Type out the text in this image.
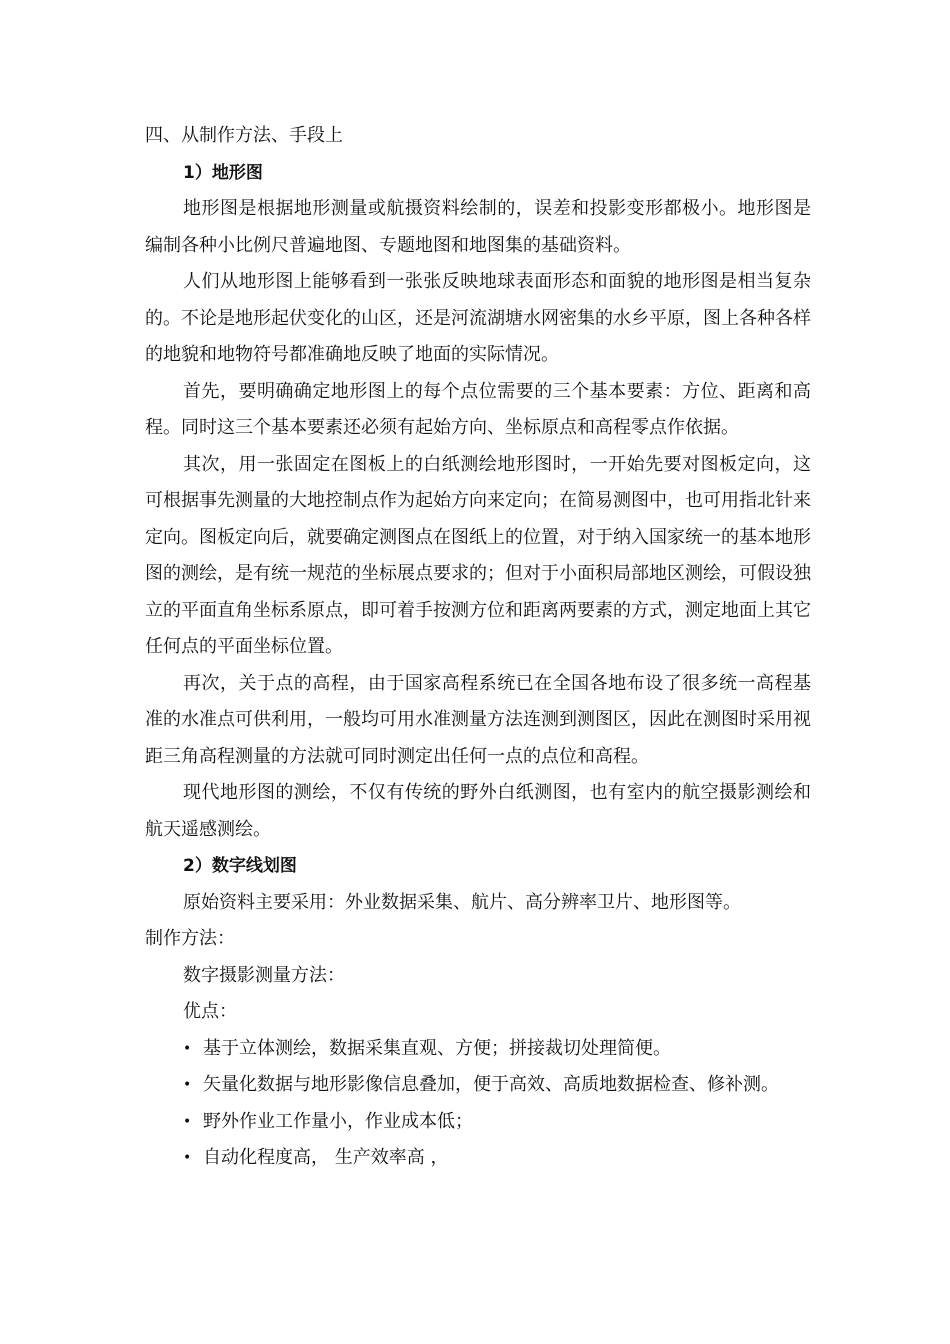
四、从制作方法、手段上

1）地形图

地形图是根据地形测量或航摄资料绘制的，误差和投影变形都极小。地形图是编制各种小比例尺普遍地图、专题地图和地图集的基础资料。

人们从地形图上能够看到一张张反映地球表面形态和面貌的地形图是相当复杂的。不论是地形起伏变化的山区，还是河流湖塘水网密集的水乡平原，图上各种各样的地貌和地物符号都准确地反映了地面的实际情况。

首先，要明确确定地形图上的每个点位需要的三个基本要素：方位、距离和高程。同时这三个基本要素还必须有起始方向、坐标原点和高程零点作依据。

其次，用一张固定在图板上的白纸测绘地形图时，一开始先要对图板定向，这可根据事先测量的大地控制点作为起始方向来定向；在简易测图中，也可用指北针来定向。图板定向后，就要确定测图点在图纸上的位置，对于纳入国家统一的基本地形图的测绘，是有统一规范的坐标展点要求的；但对于小面积局部地区测绘，可假设独立的平面直角坐标系原点，即可着手按测方位和距离两要素的方式，测定地面上其它任何点的平面坐标位置。

再次，关于点的高程，由于国家高程系统已在全国各地布设了很多统一高程基准的水准点可供利用，一般均可用水准测量方法连测到测图区，因此在测图时采用视距三角高程测量的方法就可同时测定出任何一点的点位和高程。

现代地形图的测绘，不仅有传统的野外白纸测图，也有室内的航空摄影测绘和航天遥感测绘。

2）数字线划图

原始资料主要采用：外业数据采集、航片、高分辨率卫片、地形图等。

制作方法：

数字摄影测量方法：

优点：

• 基于立体测绘，数据采集直观、方便；拼接裁切处理简便。
• 矢量化数据与地形影像信息叠加，便于高效、高质地数据检查、修补测。
• 野外作业工作量小，作业成本低；
• 自动化程度高， 生产效率高 ，
